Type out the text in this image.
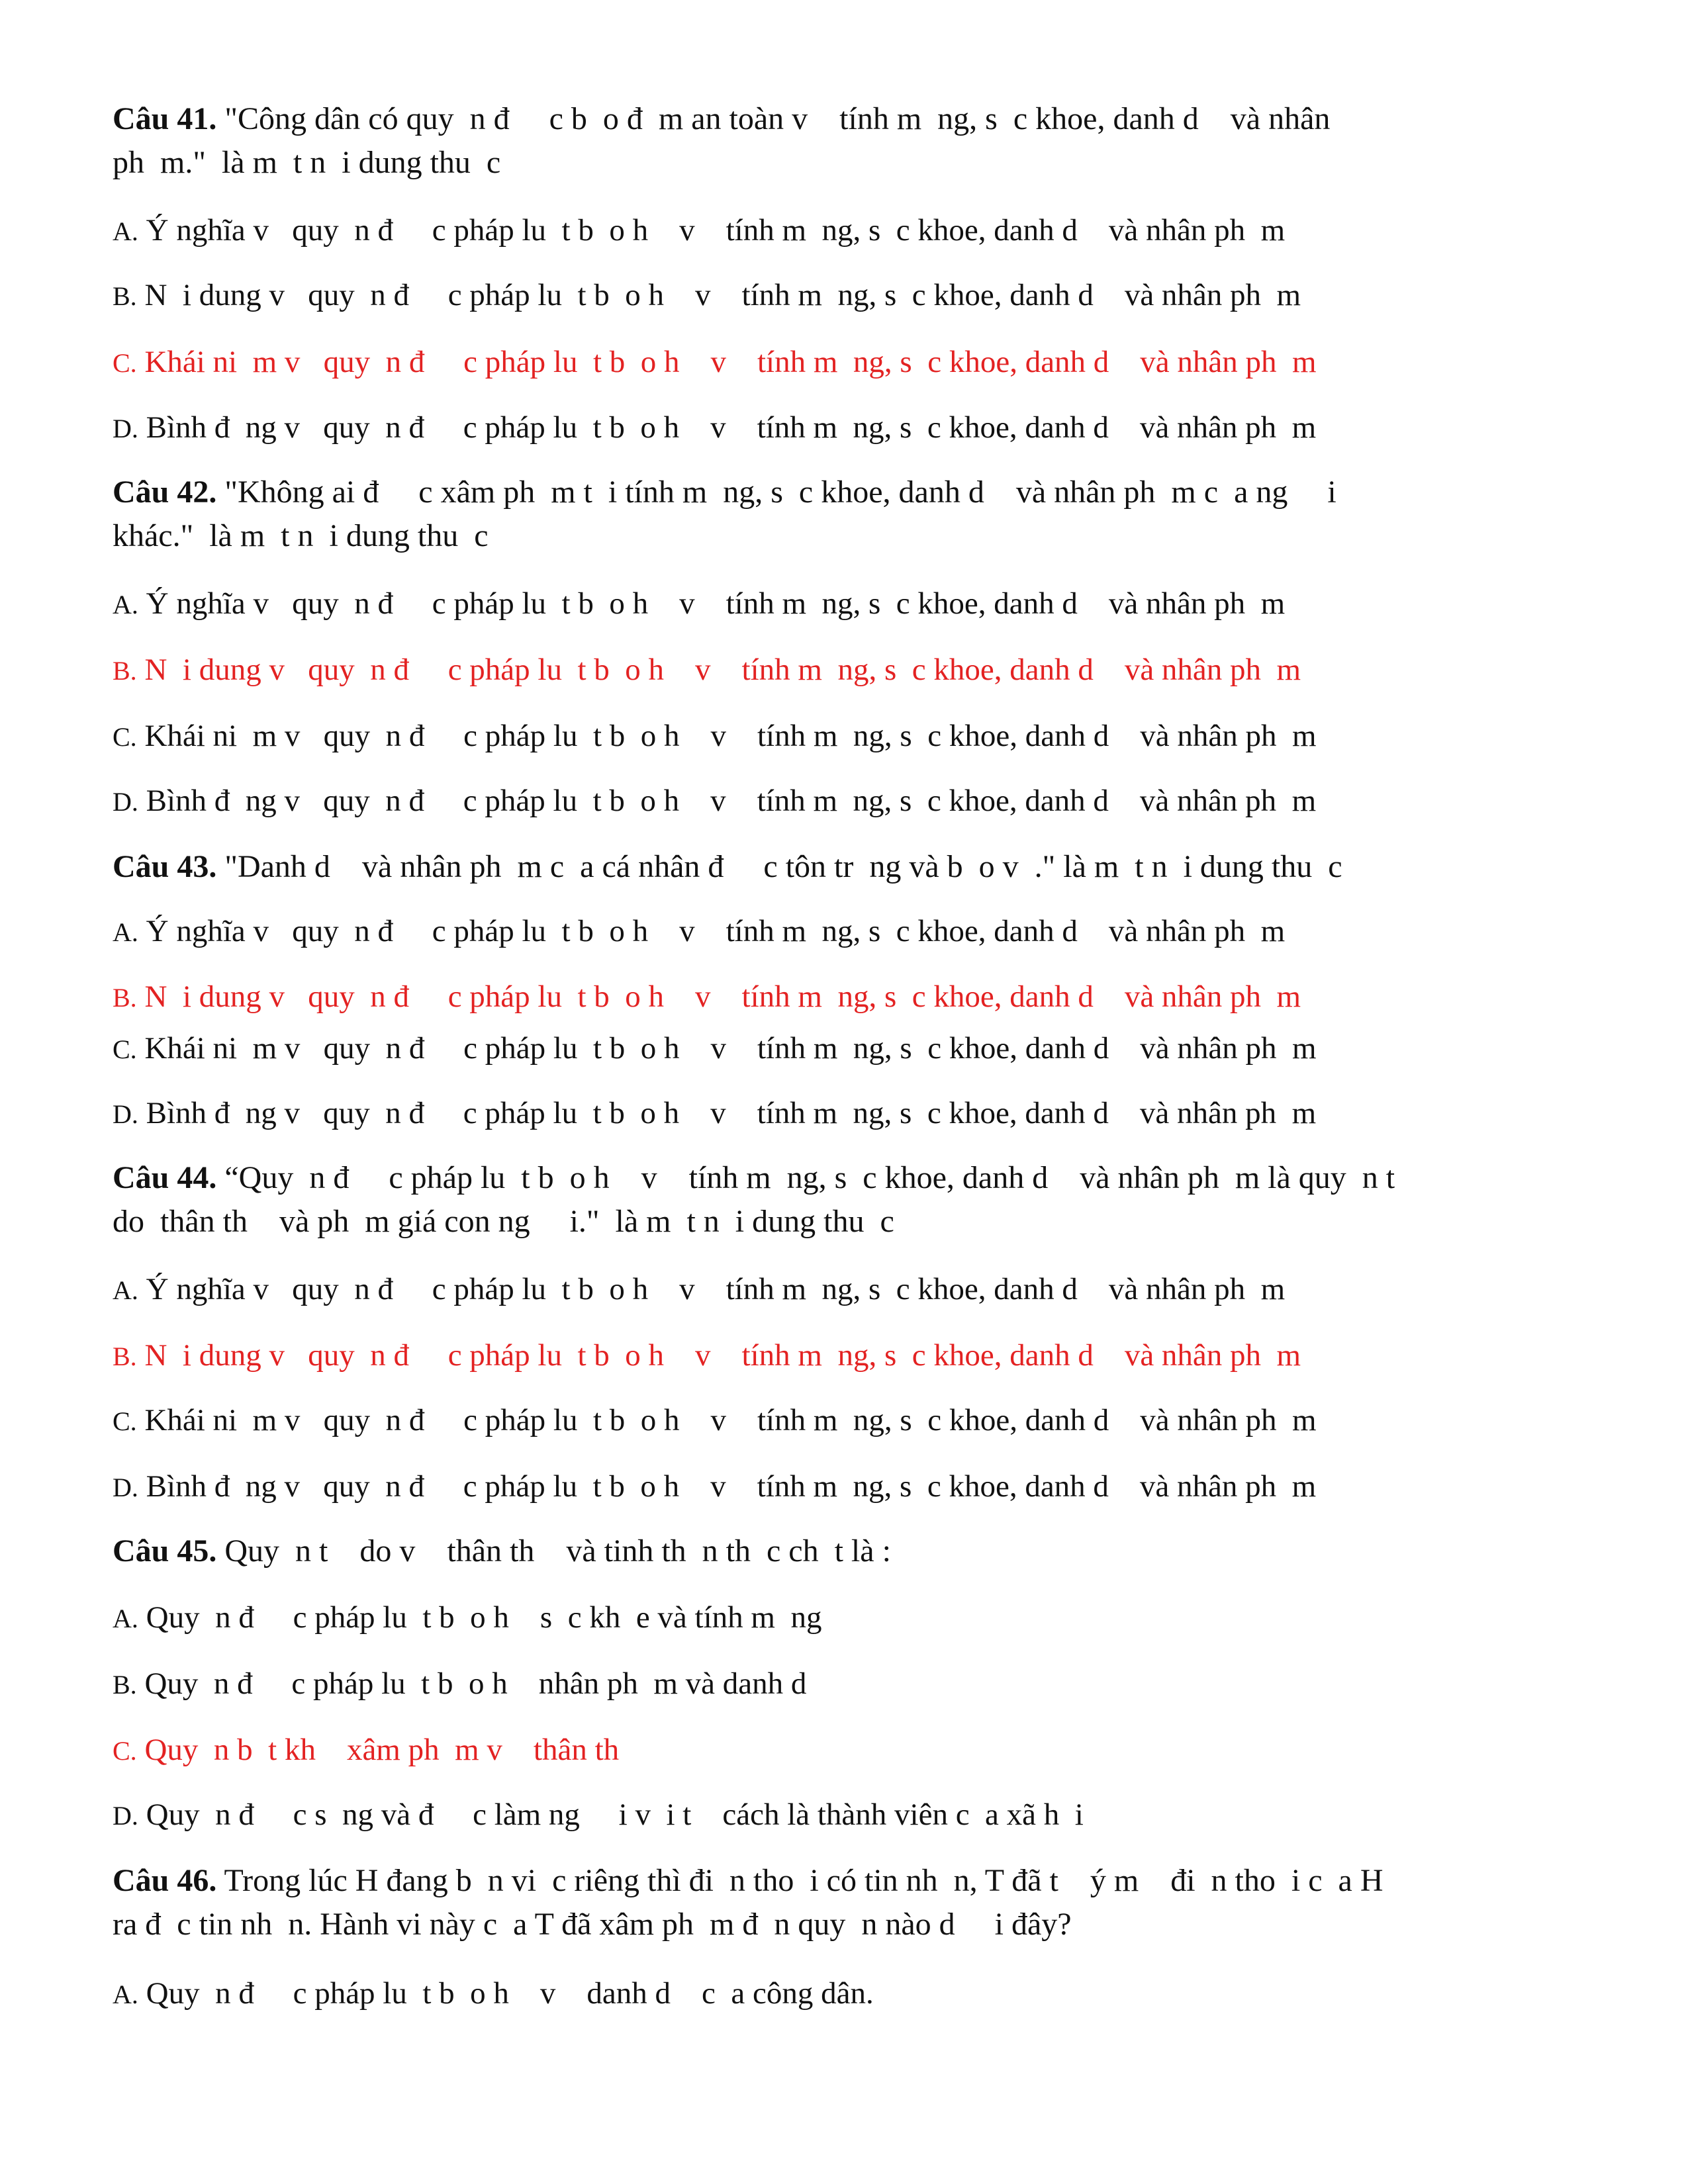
Câu 41. "Công dân có quy  n đ     c b  o đ  m an toàn v    tính m  ng, s  c khoe, danh d    và nhân
ph  m."  là m  t n  i dung thu  c
A. Ý nghĩa v   quy  n đ     c pháp lu  t b  o h    v    tính m  ng, s  c khoe, danh d    và nhân ph  m
B. N  i dung v   quy  n đ     c pháp lu  t b  o h    v    tính m  ng, s  c khoe, danh d    và nhân ph  m
C. Khái ni  m v   quy  n đ     c pháp lu  t b  o h    v    tính m  ng, s  c khoe, danh d    và nhân ph  m
D. Bình đ  ng v   quy  n đ     c pháp lu  t b  o h    v    tính m  ng, s  c khoe, danh d    và nhân ph  m
Câu 42. "Không ai đ     c xâm ph  m t  i tính m  ng, s  c khoe, danh d    và nhân ph  m c  a ng     i
khác."  là m  t n  i dung thu  c
A. Ý nghĩa v   quy  n đ     c pháp lu  t b  o h    v    tính m  ng, s  c khoe, danh d    và nhân ph  m
B. N  i dung v   quy  n đ     c pháp lu  t b  o h    v    tính m  ng, s  c khoe, danh d    và nhân ph  m
C. Khái ni  m v   quy  n đ     c pháp lu  t b  o h    v    tính m  ng, s  c khoe, danh d    và nhân ph  m
D. Bình đ  ng v   quy  n đ     c pháp lu  t b  o h    v    tính m  ng, s  c khoe, danh d    và nhân ph  m
Câu 43. "Danh d    và nhân ph  m c  a cá nhân đ     c tôn tr  ng và b  o v  ." là m  t n  i dung thu  c
A. Ý nghĩa v   quy  n đ     c pháp lu  t b  o h    v    tính m  ng, s  c khoe, danh d    và nhân ph  m
B. N  i dung v   quy  n đ     c pháp lu  t b  o h    v    tính m  ng, s  c khoe, danh d    và nhân ph  m
C. Khái ni  m v   quy  n đ     c pháp lu  t b  o h    v    tính m  ng, s  c khoe, danh d    và nhân ph  m
D. Bình đ  ng v   quy  n đ     c pháp lu  t b  o h    v    tính m  ng, s  c khoe, danh d    và nhân ph  m
Câu 44. “Quy  n đ     c pháp lu  t b  o h    v    tính m  ng, s  c khoe, danh d    và nhân ph  m là quy  n t
do  thân th    và ph  m giá con ng     i."  là m  t n  i dung thu  c
A. Ý nghĩa v   quy  n đ     c pháp lu  t b  o h    v    tính m  ng, s  c khoe, danh d    và nhân ph  m
B. N  i dung v   quy  n đ     c pháp lu  t b  o h    v    tính m  ng, s  c khoe, danh d    và nhân ph  m
C. Khái ni  m v   quy  n đ     c pháp lu  t b  o h    v    tính m  ng, s  c khoe, danh d    và nhân ph  m
D. Bình đ  ng v   quy  n đ     c pháp lu  t b  o h    v    tính m  ng, s  c khoe, danh d    và nhân ph  m
Câu 45. Quy  n t    do v    thân th    và tinh th  n th  c ch  t là :
A. Quy  n đ     c pháp lu  t b  o h    s  c kh  e và tính m  ng
B. Quy  n đ     c pháp lu  t b  o h    nhân ph  m và danh d
C. Quy  n b  t kh    xâm ph  m v    thân th
D. Quy  n đ     c s  ng và đ     c làm ng     i v  i t    cách là thành viên c  a xã h  i
Câu 46. Trong lúc H đang b  n vi  c riêng thì đi  n tho  i có tin nh  n, T đã t    ý m    đi  n tho  i c  a H
ra đ  c tin nh  n. Hành vi này c  a T đã xâm ph  m đ  n quy  n nào d     i đây?
A. Quy  n đ     c pháp lu  t b  o h    v    danh d    c  a công dân.
